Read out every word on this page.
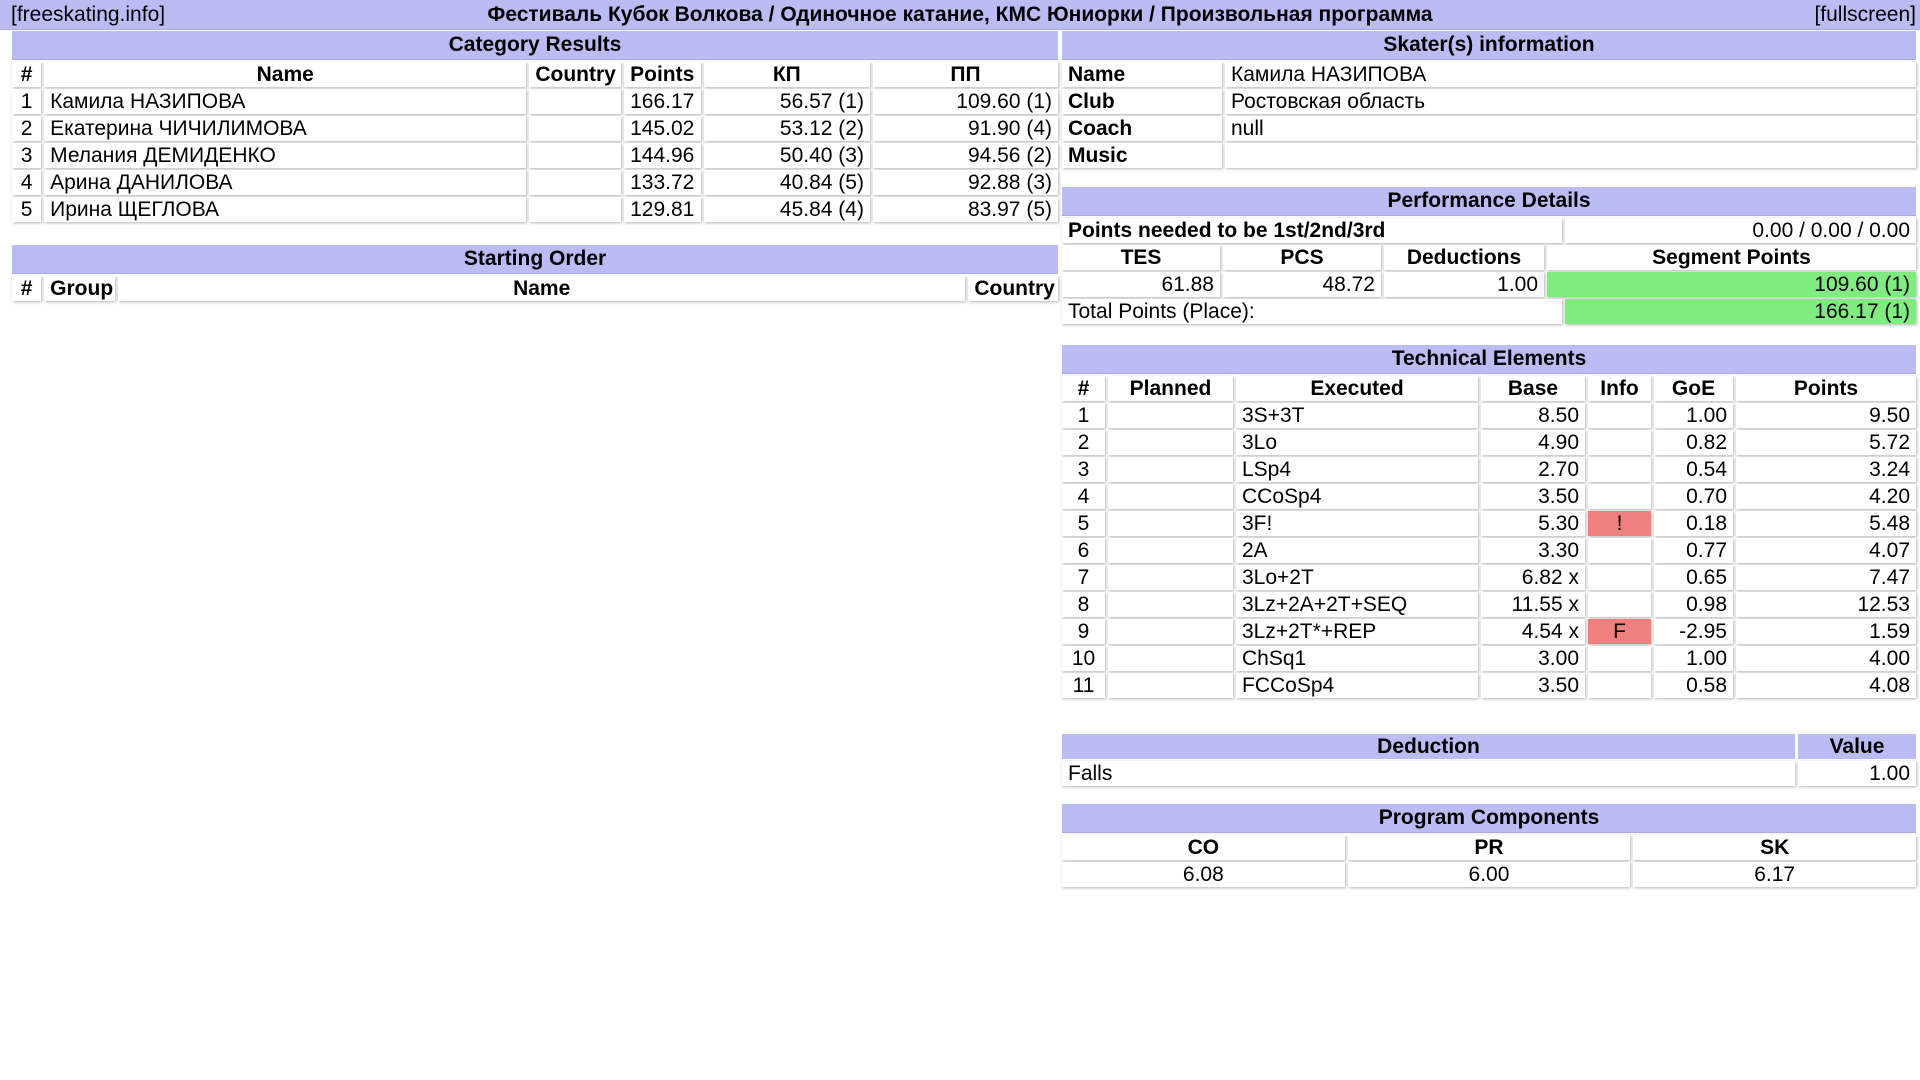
[freeskating.info]	Фестиваль Кубок Волкова / Одиночное катание, КМС Юниорки / Произвольная программа	[fullscreen]
Category Results
#	Name	Country	Points	КП	ПП
1	Камила НАЗИПОВА		166.17	56.57 (1)	109.60 (1)
2	Екатерина ЧИЧИЛИМОВА		145.02	53.12 (2)	91.90 (4)
3	Мелания ДЕМИДЕНКО		144.96	50.40 (3)	94.56 (2)
4	Арина ДАНИЛОВА		133.72	40.84 (5)	92.88 (3)
5	Ирина ЩЕГЛОВА		129.81	45.84 (4)	83.97 (5)
Starting Order
#	Group	Name	Country
Skater(s) information
Name	Камила НАЗИПОВА
Club	Ростовская область
Coach	null
Music	
Performance Details
Points needed to be 1st/2nd/3rd	0.00 / 0.00 / 0.00
TES	PCS	Deductions	Segment Points
61.88	48.72	1.00	109.60 (1)
Total Points (Place):	166.17 (1)
Technical Elements
#	Planned	Executed	Base	Info	GoE	Points
1		3S+3T	8.50		1.00	9.50
2		3Lo	4.90		0.82	5.72
3		LSp4	2.70		0.54	3.24
4		CCoSp4	3.50		0.70	4.20
5		3F!	5.30	!	0.18	5.48
6		2A	3.30		0.77	4.07
7		3Lo+2T	6.82 x		0.65	7.47
8		3Lz+2A+2T+SEQ	11.55 x		0.98	12.53
9		3Lz+2T*+REP	4.54 x	F	-2.95	1.59
10		ChSq1	3.00		1.00	4.00
11		FCCoSp4	3.50		0.58	4.08
Deduction	Value
Falls	1.00
Program Components
CO	PR	SK
6.08	6.00	6.17
